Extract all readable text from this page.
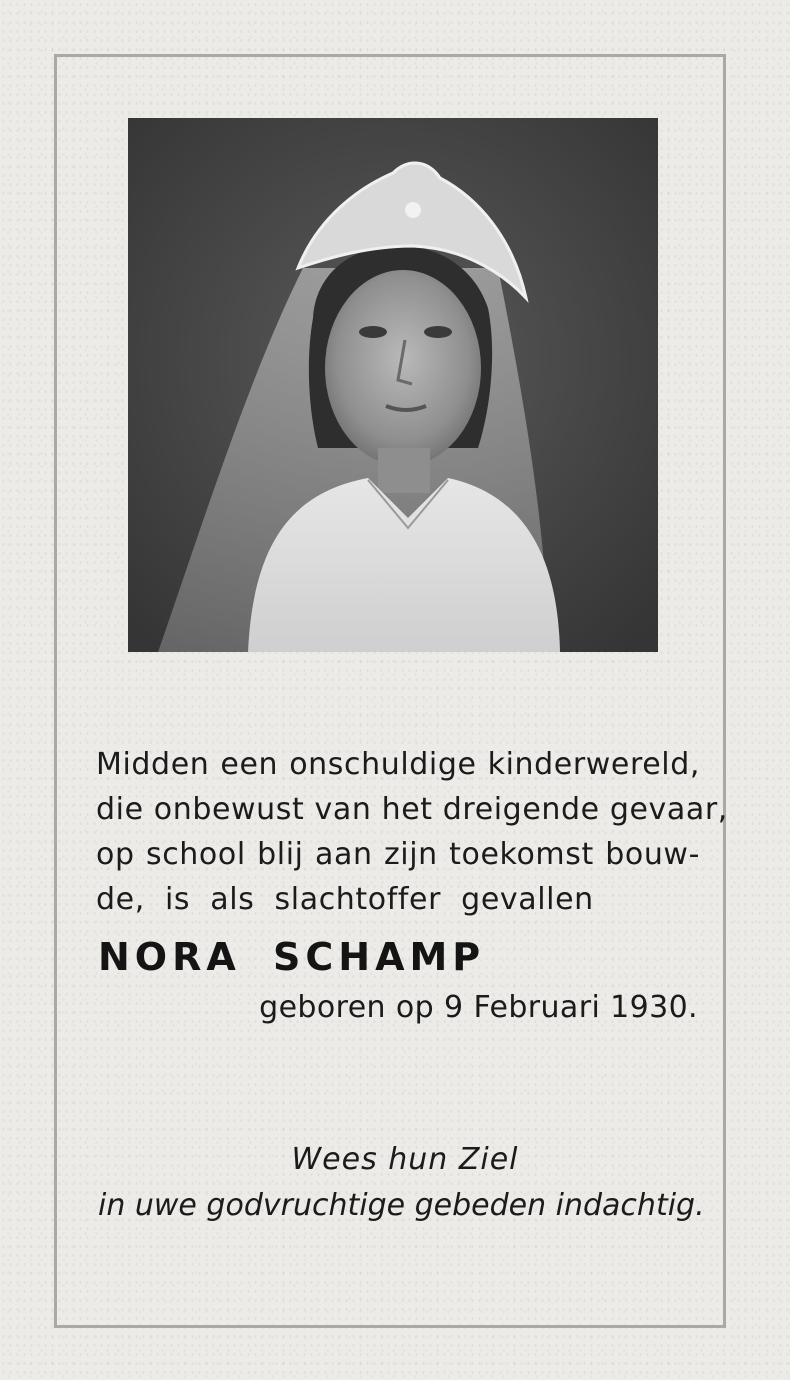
Midden een onschuldige kinderwereld,
die onbewust van het dreigende gevaar,
op school blij aan zijn toekomst bouw-
de, is als slachtoffer gevallen
NORA SCHAMP
geboren op 9 Februari 1930.
Wees hun Ziel
in uwe godvruchtige gebeden indachtig.
